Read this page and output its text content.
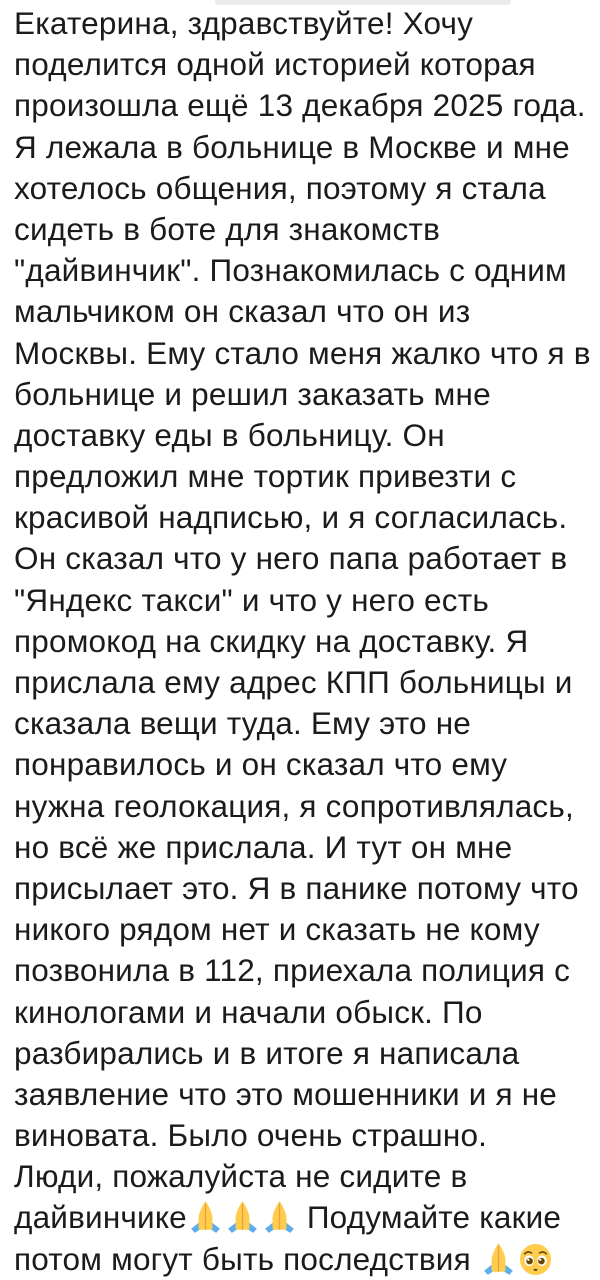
Екатерина, здравствуйте! Хочу
поделится одной историей которая
произошла ещё 13 декабря 2025 года.
Я лежала в больнице в Москве и мне
хотелось общения, поэтому я стала
сидеть в боте для знакомств
"дайвинчик". Познакомилась с одним
мальчиком он сказал что он из
Москвы. Ему стало меня жалко что я в
больнице и решил заказать мне
доставку еды в больницу. Он
предложил мне тортик привезти с
красивой надписью, и я согласилась.
Он сказал что у него папа работает в
"Яндекс такси" и что у него есть
промокод на скидку на доставку. Я
прислала ему адрес КПП больницы и
сказала вещи туда. Ему это не
понравилось и он сказал что ему
нужна геолокация, я сопротивлялась,
но всё же прислала. И тут он мне
присылает это. Я в панике потому что
никого рядом нет и сказать не кому
позвонила в 112, приехала полиция с
кинологами и начали обыск. По
разбирались и в итоге я написала
заявление что это мошенники и я не
виновата. Было очень страшно.
Люди, пожалуйста не сидите в
дайвинчике	Подумайте какие
потом могут быть последствия
